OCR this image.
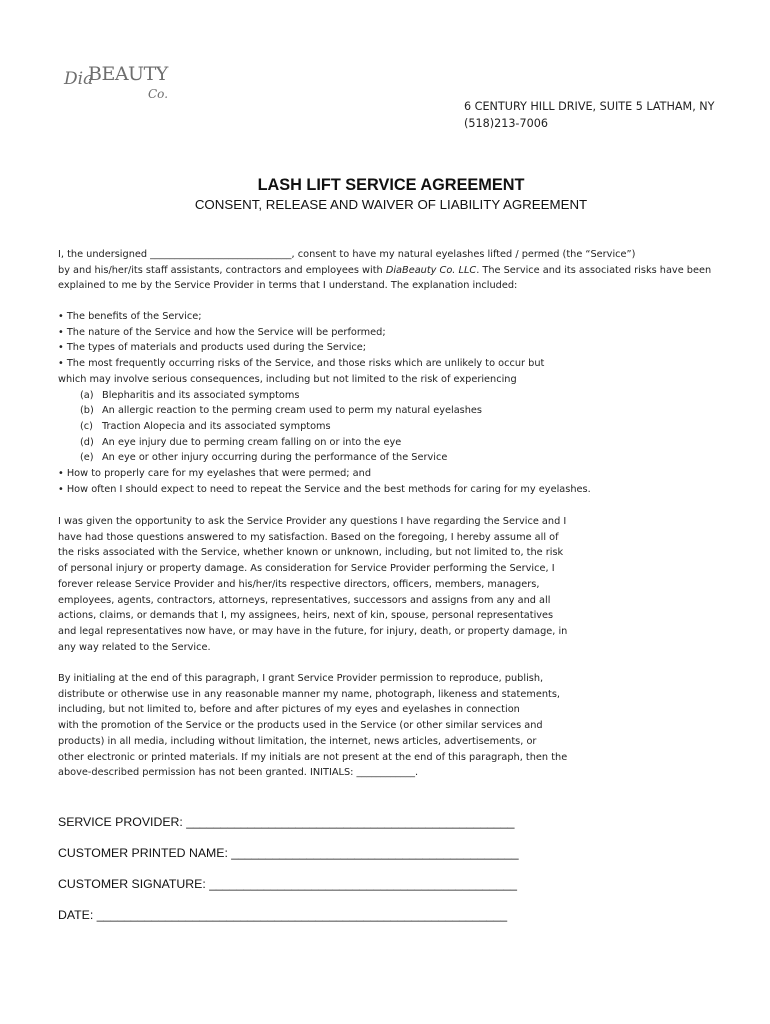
Dia
BEAUTY
Co.
6 CENTURY HILL DRIVE, SUITE 5 LATHAM, NY
(518)213-7006
LASH LIFT SERVICE AGREEMENT
CONSENT, RELEASE AND WAIVER OF LIABILITY AGREEMENT
I, the undersigned _____________________________, consent to have my natural eyelashes lifted / permed (the “Service”)
by and his/her/its staff assistants, contractors and employees with DiaBeauty Co. LLC. The Service and its associated risks have been
explained to me by the Service Provider in terms that I understand. The explanation included:
• The benefits of the Service;
• The nature of the Service and how the Service will be performed;
• The types of materials and products used during the Service;
• The most frequently occurring risks of the Service, and those risks which are unlikely to occur but
which may involve serious consequences, including but not limited to the risk of experiencing
(a) Blepharitis and its associated symptoms
(b) An allergic reaction to the perming cream used to perm my natural eyelashes
(c) Traction Alopecia and its associated symptoms
(d) An eye injury due to perming cream falling on or into the eye
(e) An eye or other injury occurring during the performance of the Service
• How to properly care for my eyelashes that were permed; and
• How often I should expect to need to repeat the Service and the best methods for caring for my eyelashes.
I was given the opportunity to ask the Service Provider any questions I have regarding the Service and I
have had those questions answered to my satisfaction. Based on the foregoing, I hereby assume all of
the risks associated with the Service, whether known or unknown, including, but not limited to, the risk
of personal injury or property damage. As consideration for Service Provider performing the Service, I
forever release Service Provider and his/her/its respective directors, officers, members, managers,
employees, agents, contractors, attorneys, representatives, successors and assigns from any and all
actions, claims, or demands that I, my assignees, heirs, next of kin, spouse, personal representatives
and legal representatives now have, or may have in the future, for injury, death, or property damage, in
any way related to the Service.
By initialing at the end of this paragraph, I grant Service Provider permission to reproduce, publish,
distribute or otherwise use in any reasonable manner my name, photograph, likeness and statements,
including, but not limited to, before and after pictures of my eyes and eyelashes in connection
with the promotion of the Service or the products used in the Service (or other similar services and
products) in all media, including without limitation, the internet, news articles, advertisements, or
other electronic or printed materials. If my initials are not present at the end of this paragraph, then the
above-described permission has not been granted. INITIALS: ____________.
SERVICE PROVIDER: ________________________________________________
CUSTOMER PRINTED NAME: __________________________________________
CUSTOMER SIGNATURE: _____________________________________________
DATE: ____________________________________________________________
